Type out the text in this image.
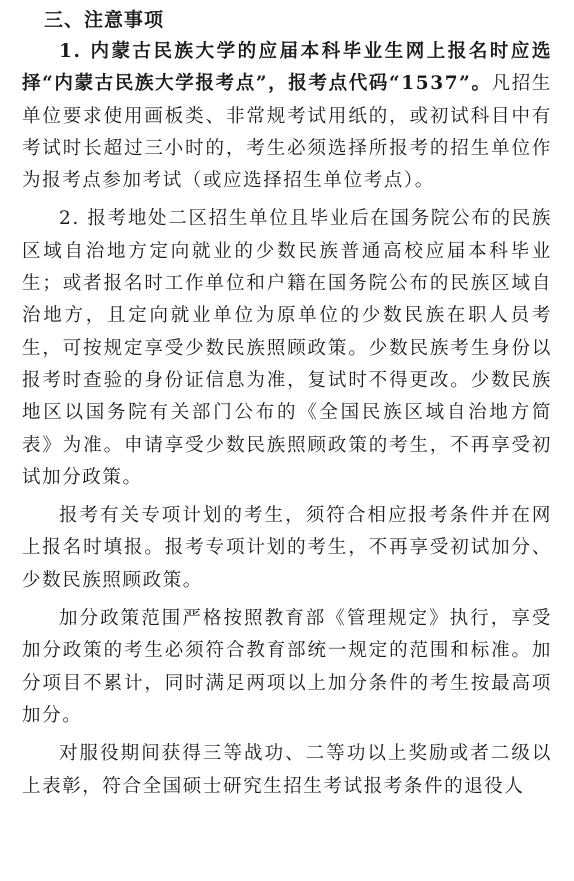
三、注意事项

1. 内蒙古民族大学的应届本科毕业生网上报名时应选择“内蒙古民族大学报考点”，报考点代码“1537”。凡招生单位要求使用画板类、非常规考试用纸的，或初试科目中有考试时长超过三小时的，考生必须选择所报考的招生单位作为报考点参加考试（或应选择招生单位考点）。

2. 报考地处二区招生单位且毕业后在国务院公布的民族区域自治地方定向就业的少数民族普通高校应届本科毕业生；或者报名时工作单位和户籍在国务院公布的民族区域自治地方，且定向就业单位为原单位的少数民族在职人员考生，可按规定享受少数民族照顾政策。少数民族考生身份以报考时查验的身份证信息为准，复试时不得更改。少数民族地区以国务院有关部门公布的《全国民族区域自治地方简表》为准。申请享受少数民族照顾政策的考生，不再享受初试加分政策。

报考有关专项计划的考生，须符合相应报考条件并在网上报名时填报。报考专项计划的考生，不再享受初试加分、少数民族照顾政策。

加分政策范围严格按照教育部《管理规定》执行，享受加分政策的考生必须符合教育部统一规定的范围和标准。加分项目不累计，同时满足两项以上加分条件的考生按最高项加分。

对服役期间获得三等战功、二等功以上奖励或者二级以上表彰，符合全国硕士研究生招生考试报考条件的退役人
